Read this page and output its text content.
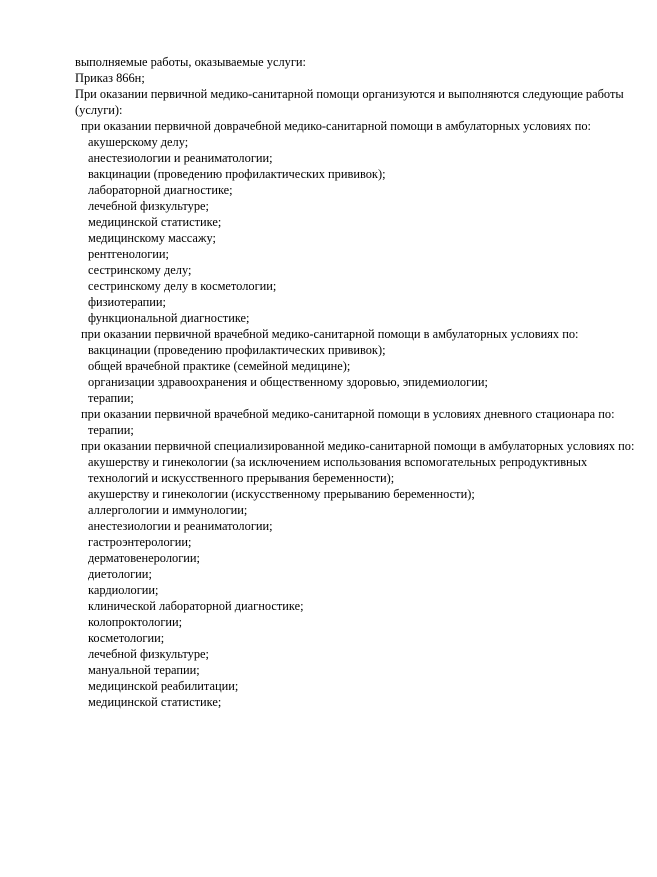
выполняемые работы, оказываемые услуги:
Приказ 866н;
При оказании первичной медико-санитарной помощи организуются и выполняются следующие работы (услуги):
при оказании первичной доврачебной медико-санитарной помощи в амбулаторных условиях по:
акушерскому делу;
анестезиологии и реаниматологии;
вакцинации (проведению профилактических прививок);
лабораторной диагностике;
лечебной физкультуре;
медицинской статистике;
медицинскому массажу;
рентгенологии;
сестринскому делу;
сестринскому делу в косметологии;
физиотерапии;
функциональной диагностике;
при оказании первичной врачебной медико-санитарной помощи в амбулаторных условиях по:
вакцинации (проведению профилактических прививок);
общей врачебной практике (семейной медицине);
организации здравоохранения и общественному здоровью, эпидемиологии;
терапии;
при оказании первичной врачебной медико-санитарной помощи в условиях дневного стационара по:
терапии;
при оказании первичной специализированной медико-санитарной помощи в амбулаторных условиях по:
акушерству и гинекологии (за исключением использования вспомогательных репродуктивных технологий и искусственного прерывания беременности);
акушерству и гинекологии (искусственному прерыванию беременности);
аллергологии и иммунологии;
анестезиологии и реаниматологии;
гастроэнтерологии;
дерматовенерологии;
диетологии;
кардиологии;
клинической лабораторной диагностике;
колопроктологии;
косметологии;
лечебной физкультуре;
мануальной терапии;
медицинской реабилитации;
медицинской статистике;
